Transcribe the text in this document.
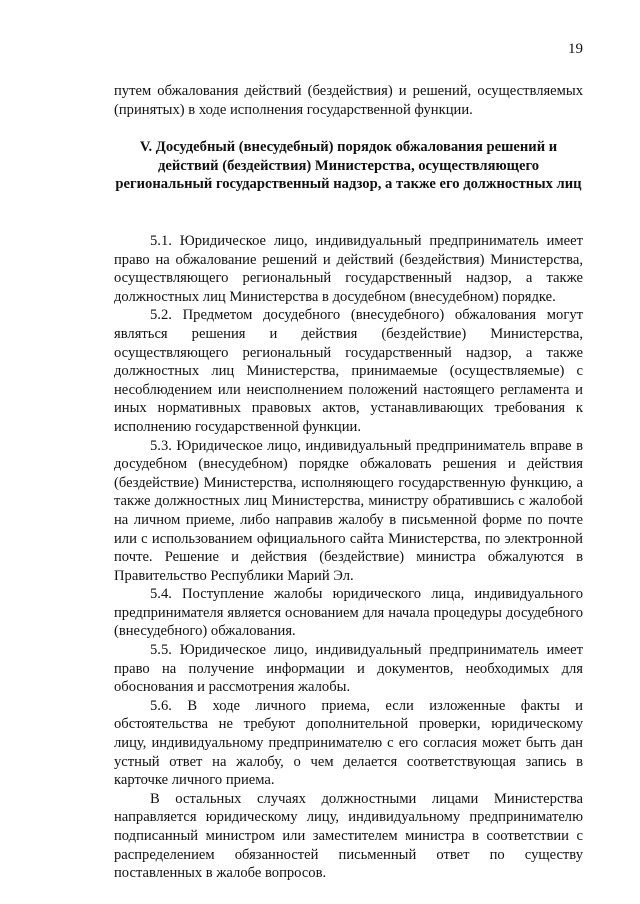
19
путем обжалования действий (бездействия) и решений, осуществляемых (принятых) в ходе исполнения государственной функции.
V. Досудебный (внесудебный) порядок обжалования решений и действий (бездействия) Министерства, осуществляющего региональный государственный надзор, а также его должностных лиц

5.1. Юридическое лицо, индивидуальный предприниматель имеет право на обжалование решений и действий (бездействия) Министерства, осуществляющего региональный государственный надзор, а также должностных лиц Министерства в досудебном (внесудебном) порядке.

5.2. Предметом досудебного (внесудебного) обжалования могут являться решения и действия (бездействие) Министерства, осуществляющего региональный государственный надзор, а также должностных лиц Министерства, принимаемые (осуществляемые) с несоблюдением или неисполнением положений настоящего регламента и иных нормативных правовых актов, устанавливающих требования к исполнению государственной функции.

5.3. Юридическое лицо, индивидуальный предприниматель вправе в досудебном (внесудебном) порядке обжаловать решения и действия (бездействие) Министерства, исполняющего государственную функцию, а также должностных лиц Министерства, министру обратившись с жалобой на личном приеме, либо направив жалобу в письменной форме по почте или с использованием официального сайта Министерства, по электронной почте. Решение и действия (бездействие) министра обжалуются в Правительство Республики Марий Эл.

5.4. Поступление жалобы юридического лица, индивидуального предпринимателя является основанием для начала процедуры досудебного (внесудебного) обжалования.

5.5. Юридическое лицо, индивидуальный предприниматель имеет право на получение информации и документов, необходимых для обоснования и рассмотрения жалобы.

5.6. В ходе личного приема, если изложенные факты и обстоятельства не требуют дополнительной проверки, юридическому лицу, индивидуальному предпринимателю с его согласия может быть дан устный ответ на жалобу, о чем делается соответствующая запись в карточке личного приема.

В остальных случаях должностными лицами Министерства направляется юридическому лицу, индивидуальному предпринимателю подписанный министром или заместителем министра в соответствии с распределением обязанностей письменный ответ по существу поставленных в жалобе вопросов.
